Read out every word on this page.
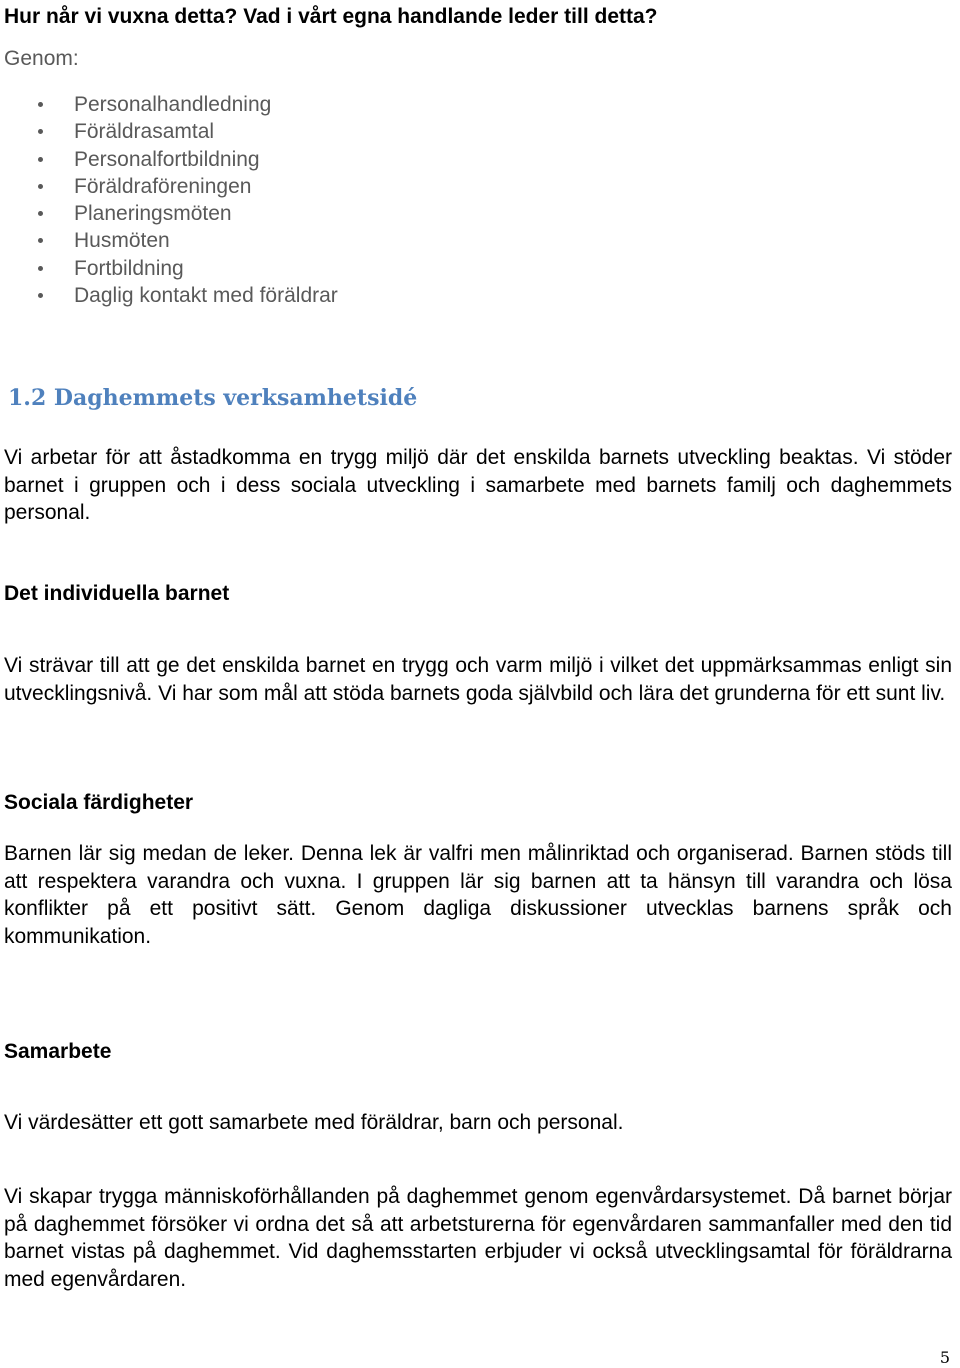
Hur når vi vuxna detta? Vad i vårt egna handlande leder till detta?

Genom:

Personalhandledning
Föräldrasamtal
Personalfortbildning
Föräldraföreningen
Planeringsmöten
Husmöten
Fortbildning
Daglig kontakt med föräldrar
1.2 Daghemmets verksamhetsidé

Vi arbetar för att åstadkomma en trygg miljö där det enskilda barnets utveckling beaktas. Vi stöder barnet i gruppen och i dess sociala utveckling i samarbete med barnets familj och daghemmets personal.

Det individuella barnet

Vi strävar till att ge det enskilda barnet en trygg och varm miljö i vilket det uppmärksammas enligt sin utvecklingsnivå. Vi har som mål att stöda barnets goda självbild och lära det grunderna för ett sunt liv.

Sociala färdigheter

Barnen lär sig medan de leker. Denna lek är valfri men målinriktad och organiserad. Barnen stöds till att respektera varandra och vuxna. I gruppen lär sig barnen att ta hänsyn till varandra och lösa konflikter på ett positivt sätt. Genom dagliga diskussioner utvecklas barnens språk och kommunikation.

Samarbete

Vi värdesätter ett gott samarbete med föräldrar, barn och personal.

Vi skapar trygga människoförhållanden på daghemmet genom egenvårdarsystemet. Då barnet börjar på daghemmet försöker vi ordna det så att arbetsturerna för egenvårdaren sammanfaller med den tid barnet vistas på daghemmet. Vid daghemsstarten erbjuder vi också utvecklingsamtal för föräldrarna med egenvårdaren.

5
